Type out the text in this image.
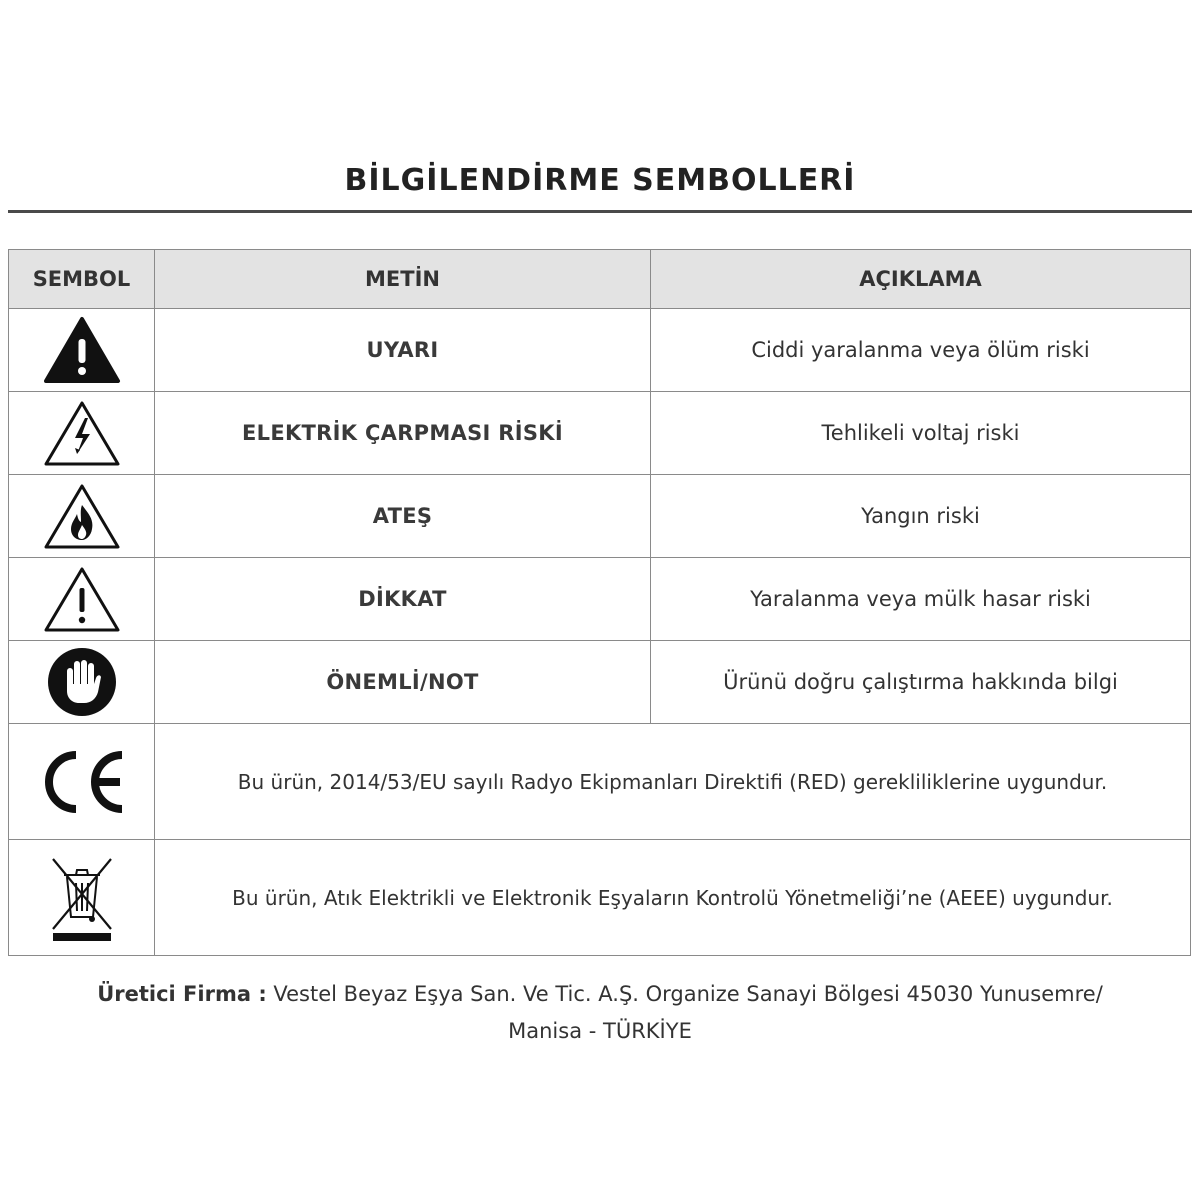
BİLGİLENDİRME SEMBOLLERİ
SEMBOL	METİN	AÇIKLAMA

	UYARI	Ciddi yaralanma veya ölüm riski

	ELEKTRİK ÇARPMASI RİSKİ	Tehlikeli voltaj riski

	ATEŞ	Yangın riski

	DİKKAT	Yaralanma veya mülk hasar riski

	ÖNEMLİ/NOT	Ürünü doğru çalıştırma hakkında bilgi

	Bu ürün, 2014/53/EU sayılı Radyo Ekipmanları Direktifi (RED) gerekliliklerine uygundur.	

	Bu ürün, Atık Elektrikli ve Elektronik Eşyaların Kontrolü Yönetmeliği’ne (AEEE) uygundur.	
Üretici Firma : Vestel Beyaz Eşya San. Ve Tic. A.Ş. Organize Sanayi Bölgesi 45030 Yunusemre/
Manisa - TÜRKİYE
